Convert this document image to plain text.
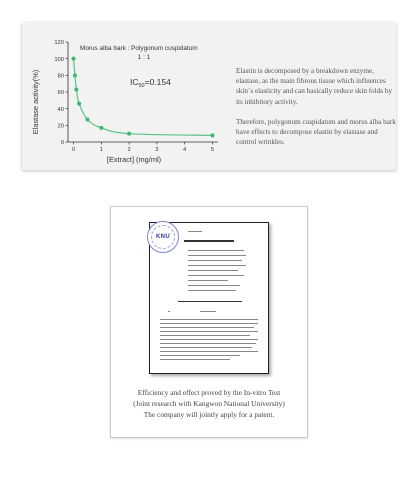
0
20
40
60
80
100
120
0	1	2	3	4	5
Morus alba bark : Polygonum cuspidatum
1 : 1
$IC_{50}=0.154$
[Extract] (mg/ml)
Elastase activity(%)	Elastin is decomposed by a breakdown enzyme, elastase, as the main fibrous tissue which influences skin`s elasticity and can basically reduce skin folds by its inhibitory activity.

Therefore, polygonum cuspidatum and morus alba bark have effects to decompose elastin by elastase and control wrinkles.

KNU
Efficiency and effect proved by the In-vitro Test
(Joint research with Kangwon National University)
The company will jointly apply for a patent.
